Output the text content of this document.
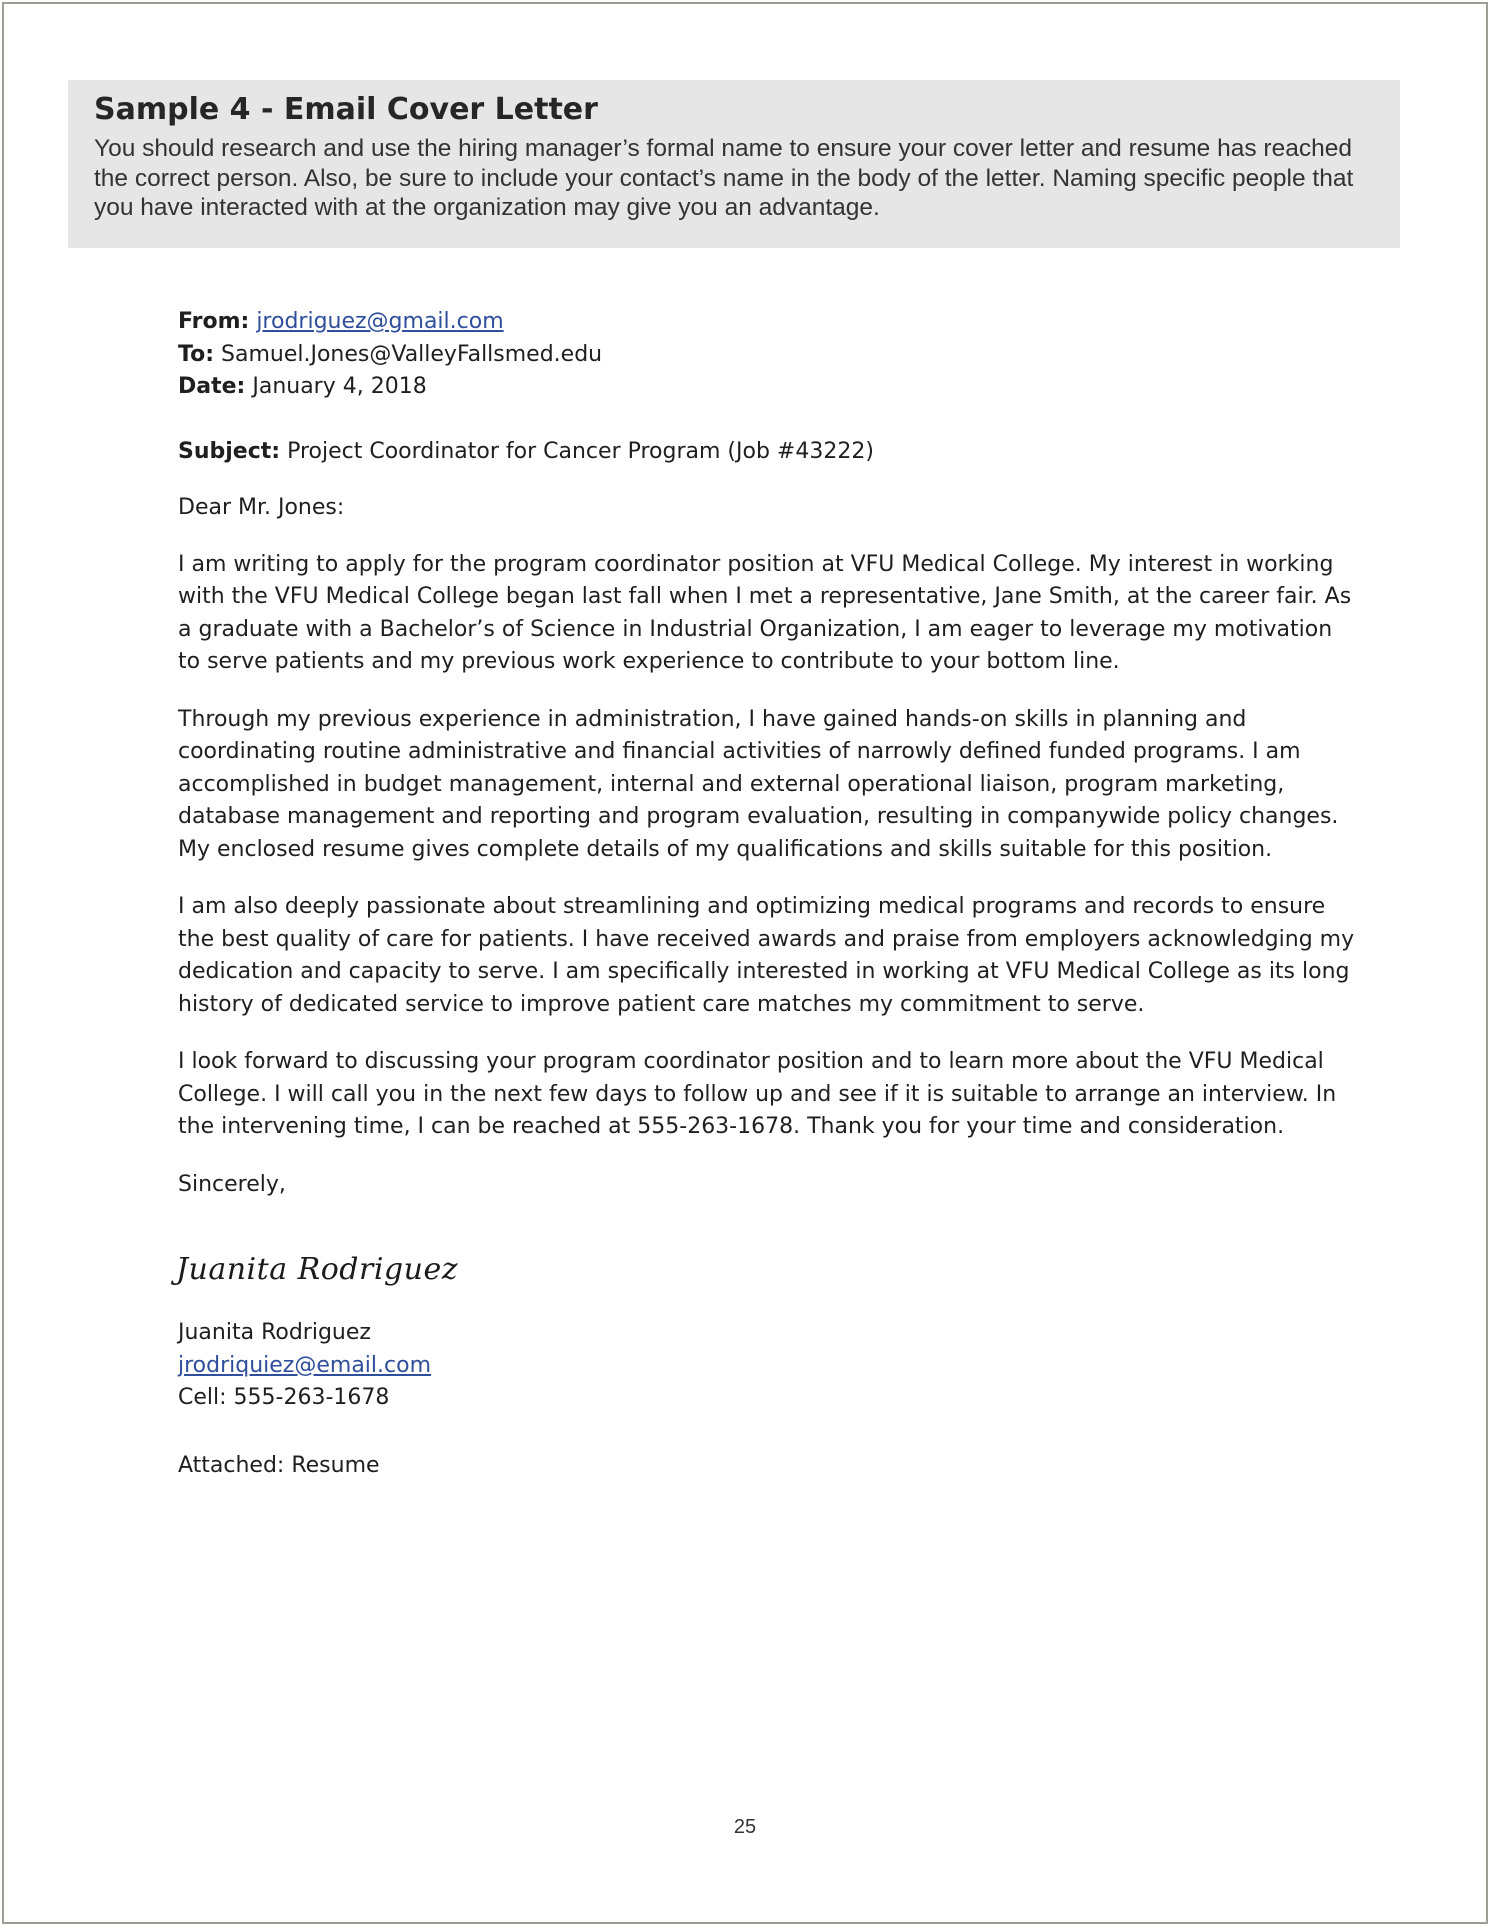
Sample 4 - Email Cover Letter

You should research and use the hiring manager’s formal name to ensure your cover letter and resume has reached the correct person. Also, be sure to include your contact’s name in the body of the letter. Naming specific people that you have interacted with at the organization may give you an advantage.

From: jrodriguez@gmail.com

To: Samuel.Jones@ValleyFallsmed.edu

Date: January 4, 2018

Subject: Project Coordinator for Cancer Program (Job #43222)

Dear Mr. Jones:

I am writing to apply for the program coordinator position at VFU Medical College. My interest in working with the VFU Medical College began last fall when I met a representative, Jane Smith, at the career fair. As a graduate with a Bachelor’s of Science in Industrial Organization, I am eager to leverage my motivation to serve patients and my previous work experience to contribute to your bottom line.

Through my previous experience in administration, I have gained hands-on skills in planning and coordinating routine administrative and financial activities of narrowly defined funded programs. I am accomplished in budget management, internal and external operational liaison, program marketing, database management and reporting and program evaluation, resulting in companywide policy changes. My enclosed resume gives complete details of my qualifications and skills suitable for this position.

I am also deeply passionate about streamlining and optimizing medical programs and records to ensure the best quality of care for patients. I have received awards and praise from employers acknowledging my dedication and capacity to serve. I am specifically interested in working at VFU Medical College as its long history of dedicated service to improve patient care matches my commitment to serve.

I look forward to discussing your program coordinator position and to learn more about the VFU Medical College. I will call you in the next few days to follow up and see if it is suitable to arrange an interview. In the intervening time, I can be reached at 555-263-1678. Thank you for your time and consideration.

Sincerely,

Juanita Rodriguez

Juanita Rodriguez

jrodriquiez@email.com

Cell: 555-263-1678

Attached: Resume

25
